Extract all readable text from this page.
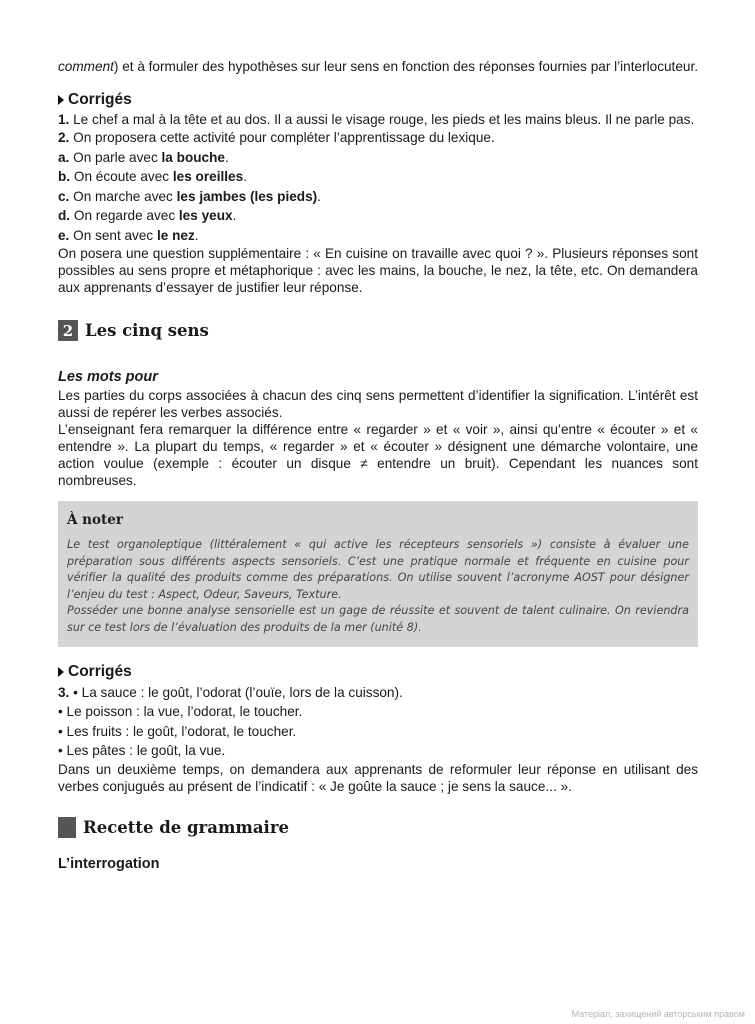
comment) et à formuler des hypothèses sur leur sens en fonction des réponses fournies par l’interlocuteur.

Corrigés

1. Le chef a mal à la tête et au dos. Il a aussi le visage rouge, les pieds et les mains bleus. Il ne parle pas.

2. On proposera cette activité pour compléter l’apprentissage du lexique.
a. On parle avec la bouche.
b. On écoute avec les oreilles.
c. On marche avec les jambes (les pieds).
d. On regarde avec les yeux.
e. On sent avec le nez.

On posera une question supplémentaire : « En cuisine on travaille avec quoi ? ». Plusieurs réponses sont possibles au sens propre et métaphorique : avec les mains, la bouche, le nez, la tête, etc. On demandera aux apprenants d’essayer de justifier leur réponse.

2 Les cinq sens
Les mots pour

Les parties du corps associées à chacun des cinq sens permettent d’identifier la signification. L’intérêt est aussi de repérer les verbes associés.

L’enseignant fera remarquer la différence entre « regarder » et « voir », ainsi qu’entre « écouter » et « entendre ». La plupart du temps, « regarder » et « écouter » désignent une démarche volontaire, une action voulue (exemple : écouter un disque ≠ entendre un bruit). Cependant les nuances sont nombreuses.

À noter

Le test organoleptique (littéralement « qui active les récepteurs sensoriels ») consiste à évaluer une préparation sous différents aspects sensoriels. C’est une pratique normale et fréquente en cuisine pour vérifier la qualité des produits comme des préparations. On utilise souvent l’acronyme AOST pour désigner l’enjeu du test : Aspect, Odeur, Saveurs, Texture.

Posséder une bonne analyse sensorielle est un gage de réussite et souvent de talent culinaire. On reviendra sur ce test lors de l’évaluation des produits de la mer (unité 8).

Corrigés
3. • La sauce : le goût, l’odorat (l’ouïe, lors de la cuisson).
• Le poisson : la vue, l’odorat, le toucher.
• Les fruits : le goût, l’odorat, le toucher.
• Les pâtes : le goût, la vue.

Dans un deuxième temps, on demandera aux apprenants de reformuler leur réponse en utilisant des verbes conjugués au présent de l’indicatif : « Je goûte la sauce ; je sens la sauce... ».

Recette de grammaire
L’interrogation
Матеріал, захищений авторським правом
